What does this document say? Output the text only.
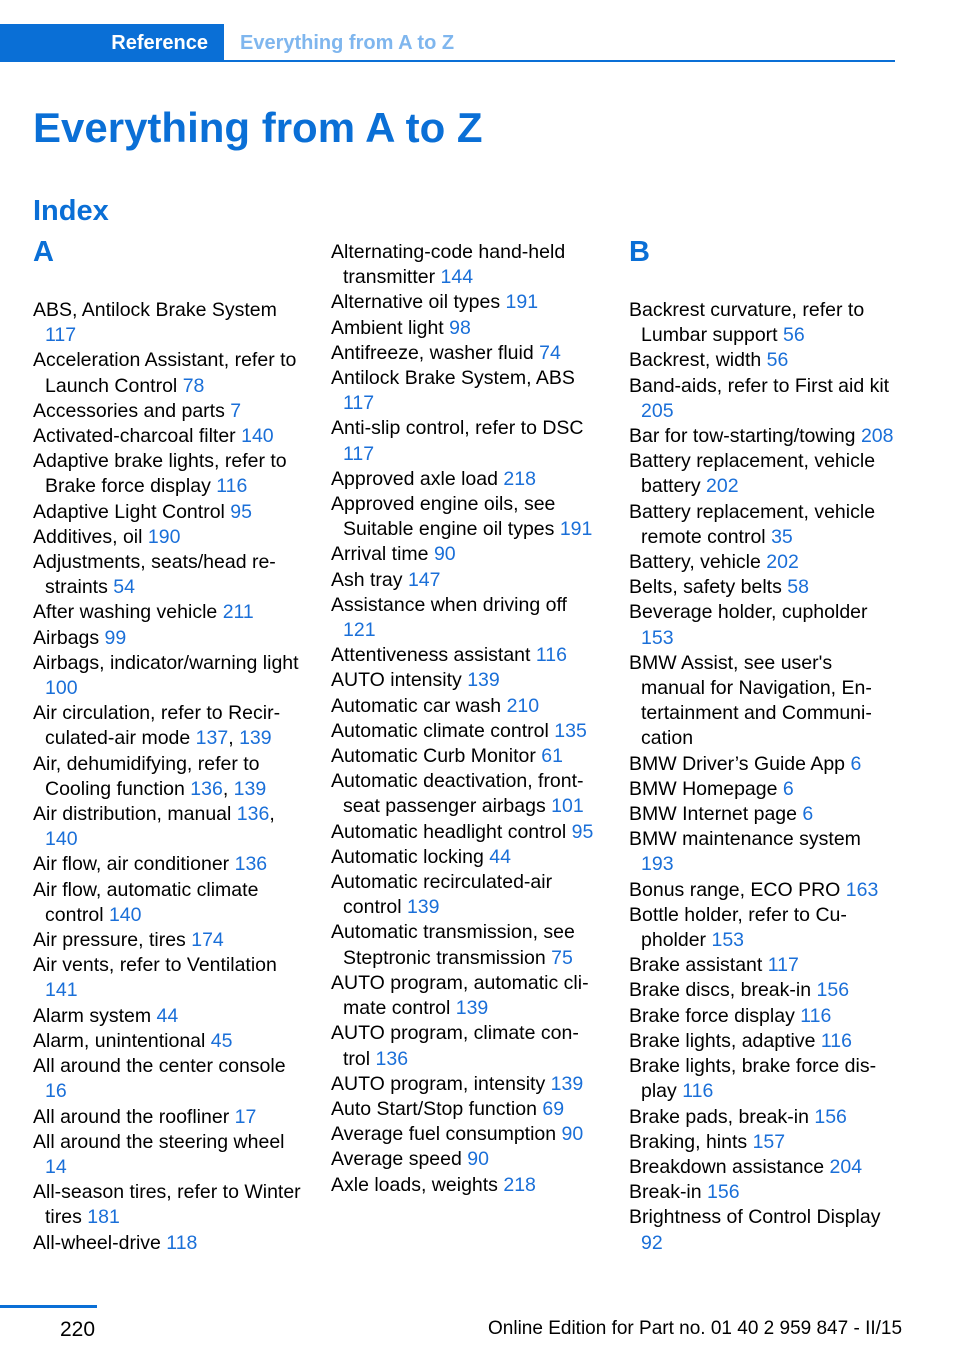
Reference	Everything from A to Z
Everything from A to Z
Index
A
ABS, Antilock Brake System 117
Acceleration Assistant, refer to Launch Control 78
Accessories and parts 7
Activated-charcoal filter 140
Adaptive brake lights, refer to Brake force display 116
Adaptive Light Control 95
Additives, oil 190
Adjustments, seats/head restraints 54
After washing vehicle 211
Airbags 99
Airbags, indicator/warning light 100
Air circulation, refer to Recirculated-air mode 137, 139
Air, dehumidifying, refer to Cooling function 136, 139
Air distribution, manual 136, 140
Air flow, air conditioner 136
Air flow, automatic climate control 140
Air pressure, tires 174
Air vents, refer to Ventilation 141
Alarm system 44
Alarm, unintentional 45
All around the center console 16
All around the roofliner 17
All around the steering wheel 14
All-season tires, refer to Winter tires 181
All-wheel-drive 118
Alternating-code hand-held transmitter 144
Alternative oil types 191
Ambient light 98
Antifreeze, washer fluid 74
Antilock Brake System, ABS 117
Anti-slip control, refer to DSC 117
Approved axle load 218
Approved engine oils, see Suitable engine oil types 191
Arrival time 90
Ash tray 147
Assistance when driving off 121
Attentiveness assistant 116
AUTO intensity 139
Automatic car wash 210
Automatic climate control 135
Automatic Curb Monitor 61
Automatic deactivation, front-seat passenger airbags 101
Automatic headlight control 95
Automatic locking 44
Automatic recirculated-air control 139
Automatic transmission, see Steptronic transmission 75
AUTO program, automatic climate control 139
AUTO program, climate control 136
AUTO program, intensity 139
Auto Start/Stop function 69
Average fuel consumption 90
Average speed 90
Axle loads, weights 218
B
Backrest curvature, refer to Lumbar support 56
Backrest, width 56
Band-aids, refer to First aid kit 205
Bar for tow-starting/​towing 208
Battery replacement, vehicle battery 202
Battery replacement, vehicle remote control 35
Battery, vehicle 202
Belts, safety belts 58
Beverage holder, cupholder 153
BMW Assist, see user's manual for Navigation, Entertainment and Communication
BMW Driver’s Guide App 6
BMW Homepage 6
BMW Internet page 6
BMW maintenance system 193
Bonus range, ECO PRO 163
Bottle holder, refer to Cupholder 153
Brake assistant 117
Brake discs, break-in 156
Brake force display 116
Brake lights, adaptive 116
Brake lights, brake force display 116
Brake pads, break-in 156
Braking, hints 157
Breakdown assistance 204
Break-in 156
Brightness of Control Display 92
220	Online Edition for Part no. 01 40 2 959 847 - II/15
